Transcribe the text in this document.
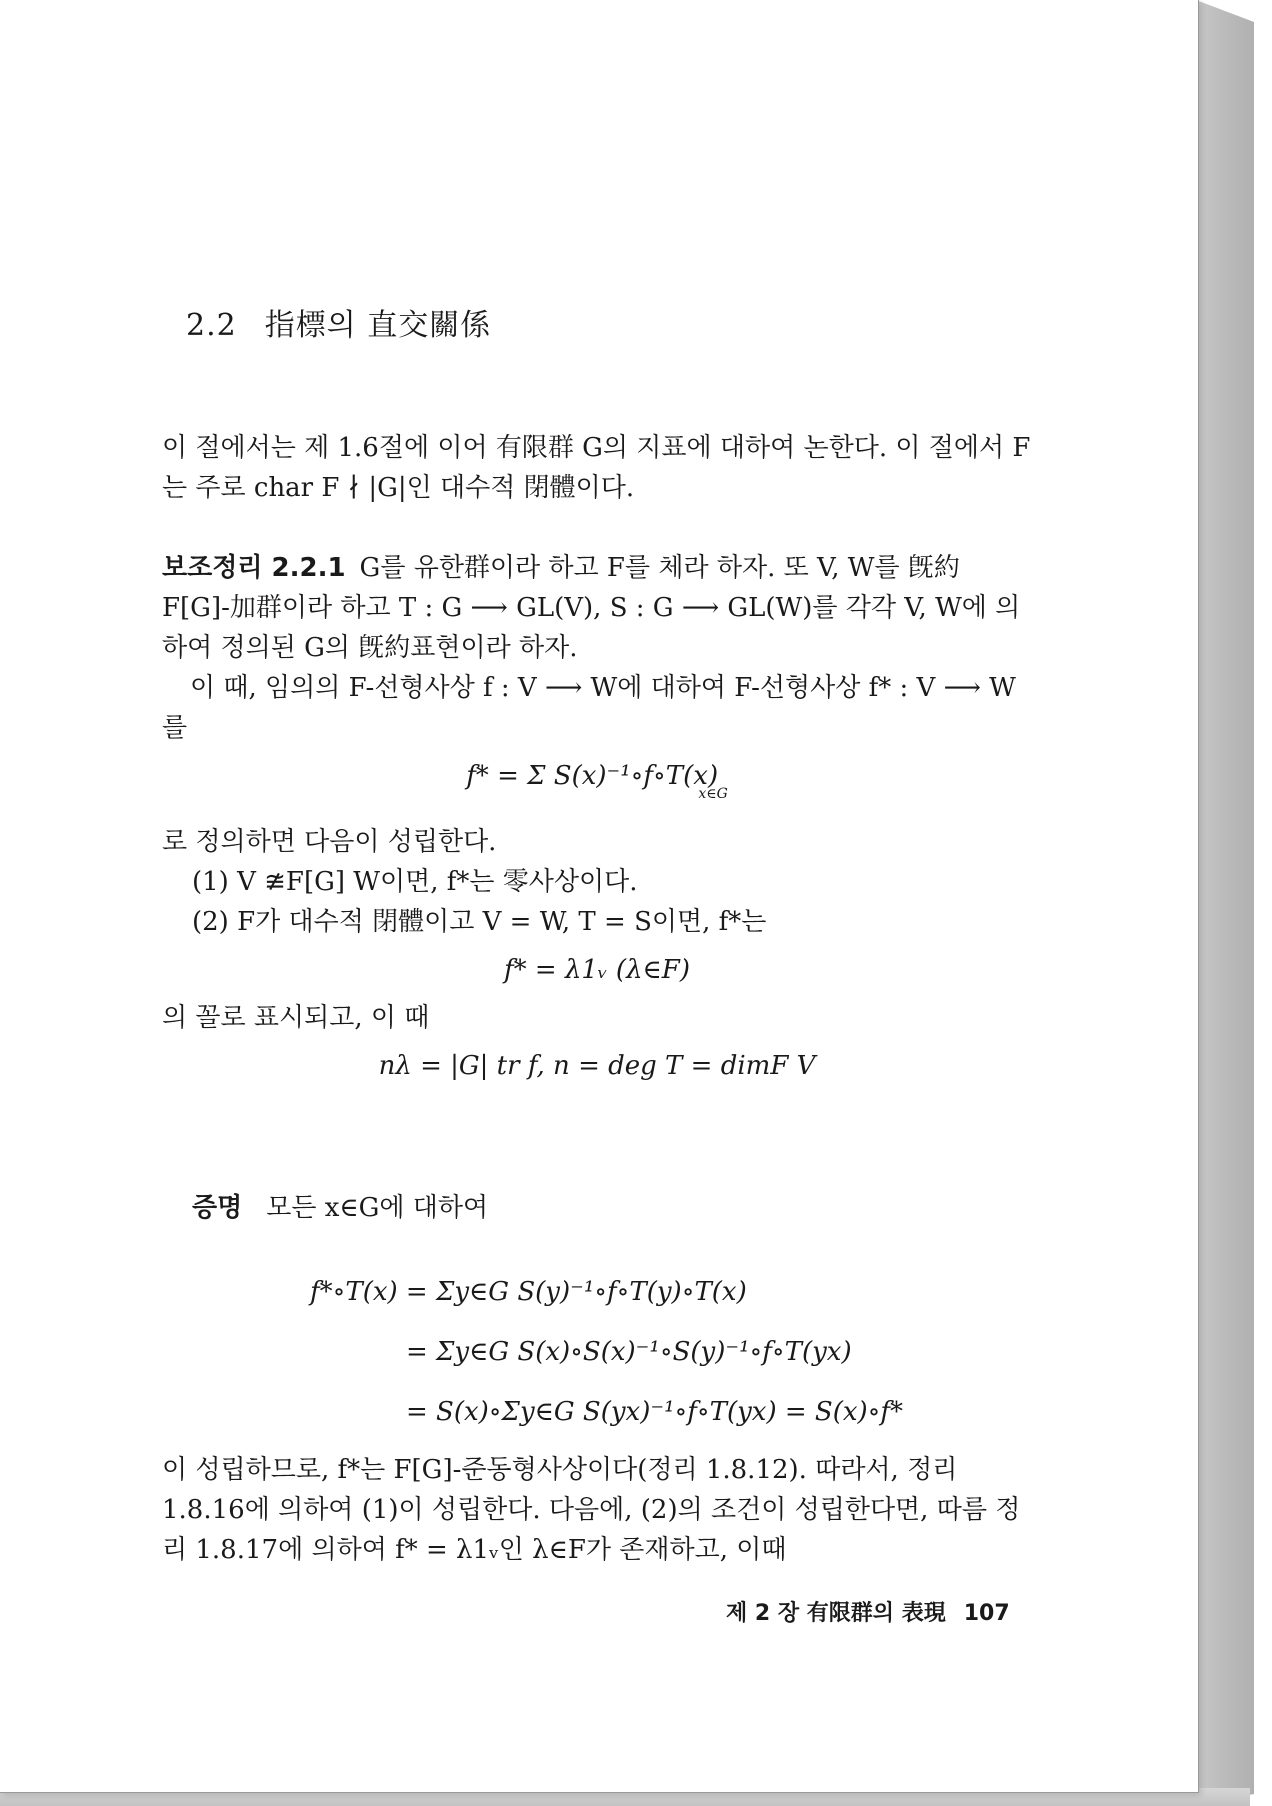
2.2 指標의 直交關係
이 절에서는 제 1.6절에 이어 有限群 G의 지표에 대하여 논한다. 이 절에서 F는 주로 char F ∤ |G|인 대수적 閉體이다.
보조정리 2.2.1 G를 유한群이라 하고 F를 체라 하자. 또 V, W를 旣約 F[G]-加群이라 하고 T : G ⟶ GL(V), S : G ⟶ GL(W)를 각각 V, W에 의하여 정의된 G의 旣約표현이라 하자.
이 때, 임의의 F-선형사상 f : V ⟶ W에 대하여 F-선형사상 f* : V ⟶ W를
f* = Σ S(x)⁻¹∘f∘T(x) $_{x\in G}$
로 정의하면 다음이 성립한다.
(1) V ≇F[G] W이면, f*는 零사상이다.
(2) F가 대수적 閉體이고 V = W, T = S이면, f*는
f* = λ1ᵥ (λ∈F)
의 꼴로 표시되고, 이 때
nλ = |G| tr f, n = deg T = dimF V
증명 모든 x∈G에 대하여
f*∘T(x) = Σy∈G S(y)⁻¹∘f∘T(y)∘T(x)
= Σy∈G S(x)∘S(x)⁻¹∘S(y)⁻¹∘f∘T(yx)
= S(x)∘Σy∈G S(yx)⁻¹∘f∘T(yx) = S(x)∘f*
이 성립하므로, f*는 F[G]-준동형사상이다(정리 1.8.12). 따라서, 정리 1.8.16에 의하여 (1)이 성립한다. 다음에, (2)의 조건이 성립한다면, 따름 정리 1.8.17에 의하여 f* = λ1ᵥ인 λ∈F가 존재하고, 이때
제 2 장 有限群의 表現 107
